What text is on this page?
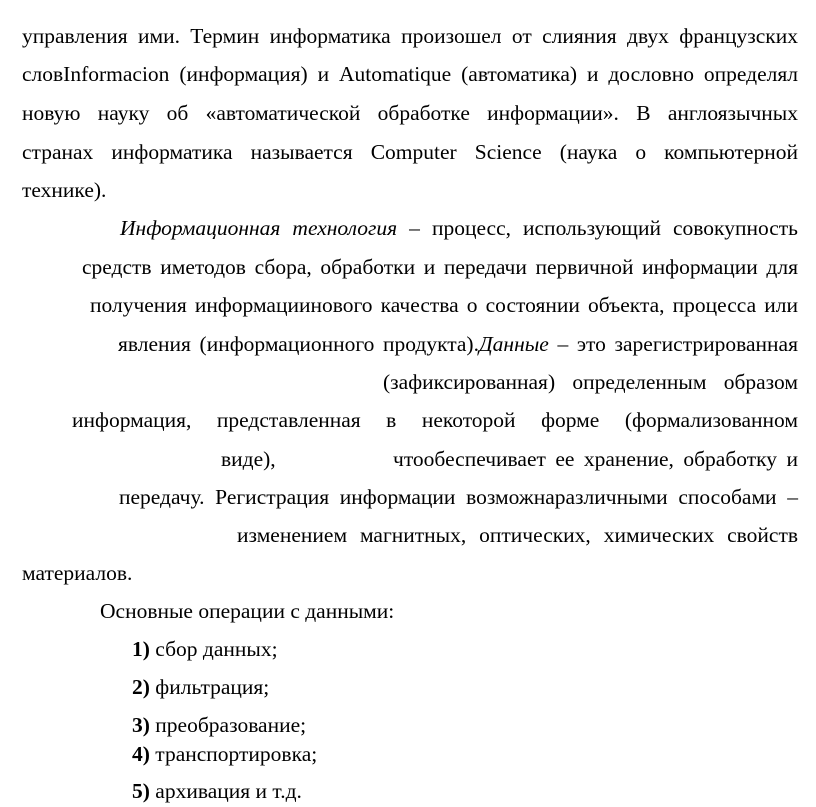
управления ими. Термин информатика произошел от слияния двух французских
словInformacion (информация) и Automatique (автоматика) и дословно определял
новую науку об «автоматической обработке информации». В англоязычных
странах информатика называется Computer Science (наука о компьютерной
технике).
Информационная технология – процесс, использующий совокупность
средств иметодов сбора, обработки и передачи первичной информации для
получения информациинового качества о состоянии объекта, процесса или
явления (информационного продукта).Данные – это зарегистрированная
(зафиксированная) определенным образом
информация, представленная в некоторой форме (формализованном
виде),	чтообеспечивает ее хранение, обработку и
передачу. Регистрация информации возможнаразличными способами –
изменением магнитных, оптических, химических свойств
материалов.
Основные операции с данными:
1) сбор данных;
2) фильтрация;
3) преобразование;
4) транспортировка;
5) архивация и т.д.
